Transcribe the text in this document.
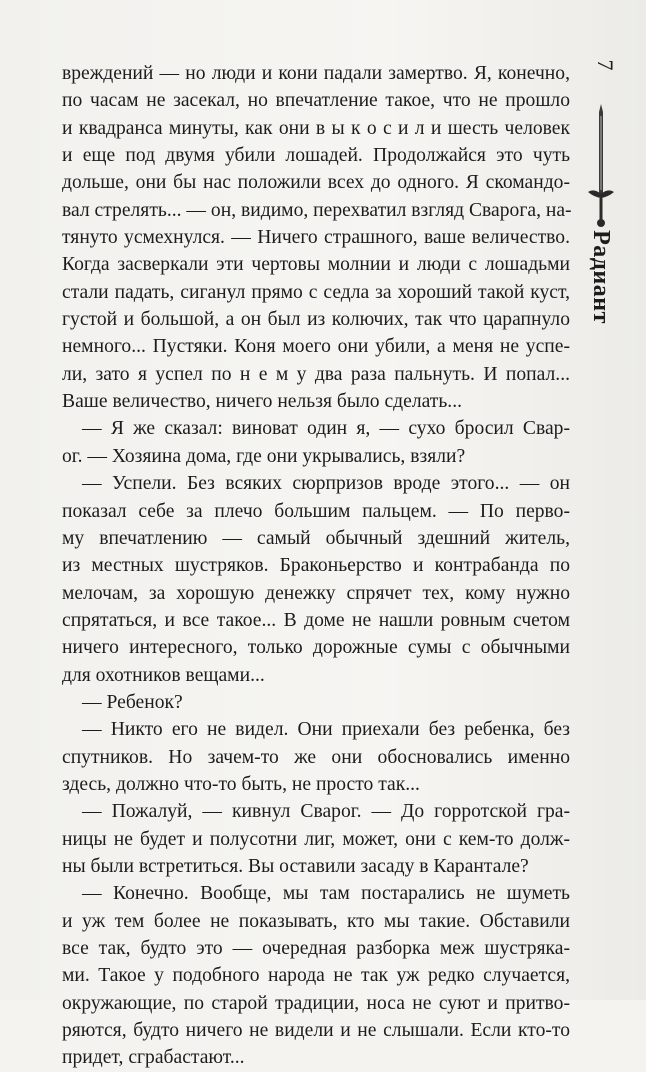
вреждений — но люди и кони падали замертво. Я, конечно,
по часам не засекал, но впечатление такое, что не прошло
и квадранса минуты, как они в ы к о с и л и шесть человек
и еще под двумя убили лошадей. Продолжайся это чуть
дольше, они бы нас положили всех до одного. Я скомандо-
вал стрелять... — он, видимо, перехватил взгляд Сварога, на-
тянуто усмехнулся. — Ничего страшного, ваше величество.
Когда засверкали эти чертовы молнии и люди с лошадьми
стали падать, сиганул прямо с седла за хороший такой куст,
густой и большой, а он был из колючих, так что царапнуло
немного... Пустяки. Коня моего они убили, а меня не успе-
ли, зато я успел по н е м у два раза пальнуть. И попал...
Ваше величество, ничего нельзя было сделать...
— Я же сказал: виноват один я, — сухо бросил Свар-
ог. — Хозяина дома, где они укрывались, взяли?
— Успели. Без всяких сюрпризов вроде этого... — он
показал себе за плечо большим пальцем. — По перво-
му впечатлению — самый обычный здешний житель,
из местных шустряков. Браконьерство и контрабанда по
мелочам, за хорошую денежку спрячет тех, кому нужно
спрятаться, и все такое... В доме не нашли ровным счетом
ничего интересного, только дорожные сумы с обычными
для охотников вещами...
— Ребенок?
— Никто его не видел. Они приехали без ребенка, без
спутников. Но зачем-то же они обосновались именно
здесь, должно что-то быть, не просто так...
— Пожалуй, — кивнул Сварог. — До горротской гра-
ницы не будет и полусотни лиг, может, они с кем-то долж-
ны были встретиться. Вы оставили засаду в Карантале?
— Конечно. Вообще, мы там постарались не шуметь
и уж тем более не показывать, кто мы такие. Обставили
все так, будто это — очередная разборка меж шустряка-
ми. Такое у подобного народа не так уж редко случается,
окружающие, по старой традиции, носа не суют и притво-
ряются, будто ничего не видели и не слышали. Если кто-то
придет, сграбастают...
7
Радиант
